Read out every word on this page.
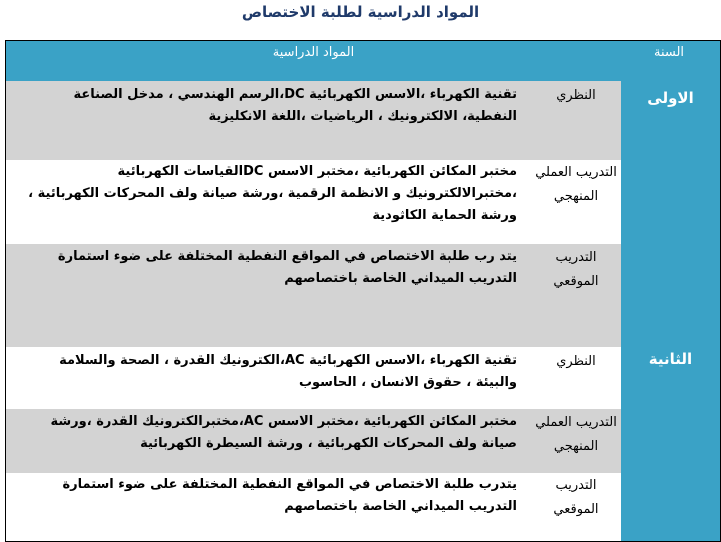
المواد الدراسية لطلبة الاختصاص
السنة
المواد الدراسية
الاولى
الثانية
النظري
تقنية الكهرباء ،الاسس الكهربائية DC،الرسم الهندسي ، مدخل الصناعة النفطية، الالكترونيك ، الرياضيات ،اللغة الانكليزية
التدريب العملي المنهجي
مختبر المكائن الكهربائية ،مختبر الاسس DCالقياسات الكهربائية ،مختبرالالكترونيك و الانظمة الرقمية ،ورشة صيانة ولف المحركات الكهربائية ، ورشة الحماية الكاثودية
التدريب الموقعي
يتد رب طلبة الاختصاص في المواقع النفطية المختلفة على ضوء استمارة التدريب الميداني الخاصة باختصاصهم
النظري
تقنية الكهرباء ،الاسس الكهربائية AC،الكترونيك القدرة ، الصحة والسلامة والبيئة ، حقوق الانسان ، الحاسوب
التدريب العملي المنهجي
مختبر المكائن الكهربائية ،مختبر الاسس AC،مختبرالكترونيك القدرة ،ورشة صيانة ولف المحركات الكهربائية ، ورشة السيطرة الكهربائية
التدريب الموقعي
يتدرب طلبة الاختصاص في المواقع النفطية المختلفة على ضوء استمارة التدريب الميداني الخاصة باختصاصهم
